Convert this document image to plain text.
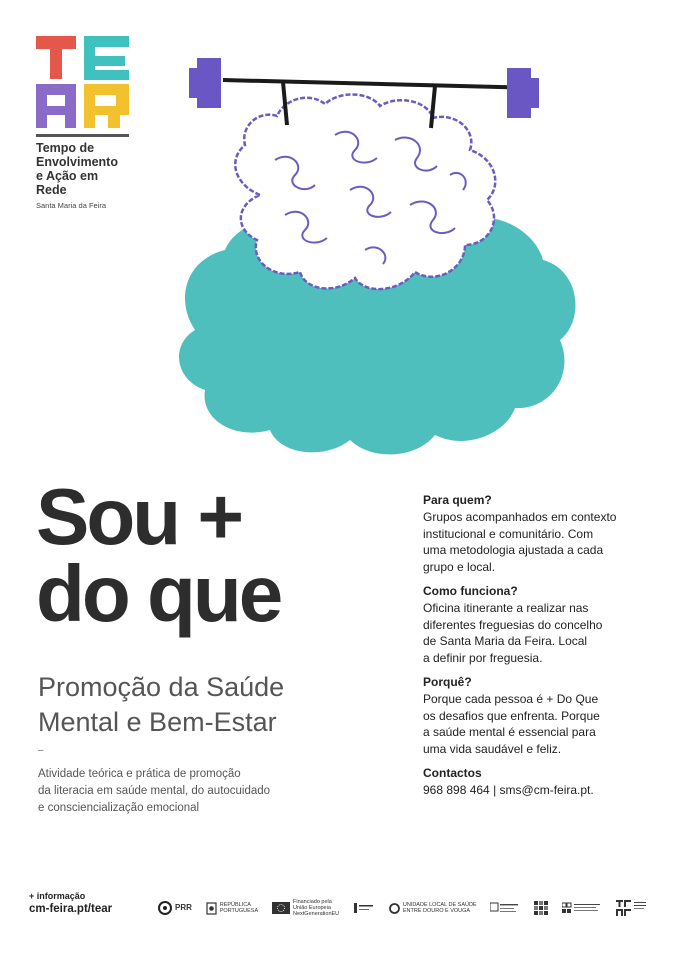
Tempo de
Envolvimento
e Ação em Rede
Santa Maria da Feira
Sou +
do que
Promoção da Saúde
Mental e Bem-Estar
–
Atividade teórica e prática de promoção
da literacia em saúde mental, do autocuidado
e consciencialização emocional
Para quem?
Grupos acompanhados em contexto
institucional e comunitário. Com
uma metodologia ajustada a cada
grupo e local.
Como funciona?
Oficina itinerante a realizar nas
diferentes freguesias do concelho
de Santa Maria da Feira. Local
a definir por freguesia.
Porquê?
Porque cada pessoa é + Do Que
os desafios que enfrenta. Porque
a saúde mental é essencial para
uma vida saudável e feliz.
Contactos
968 898 464 | sms@cm-feira.pt.
+ informação
cm-feira.pt/tear	PRR	REPÚBLICA
PORTUGUESA
Financiado pela
União Europeia
NextGenerationEU
UNIDADE LOCAL DE SAÚDE
ENTRE DOURO E VOUGA
